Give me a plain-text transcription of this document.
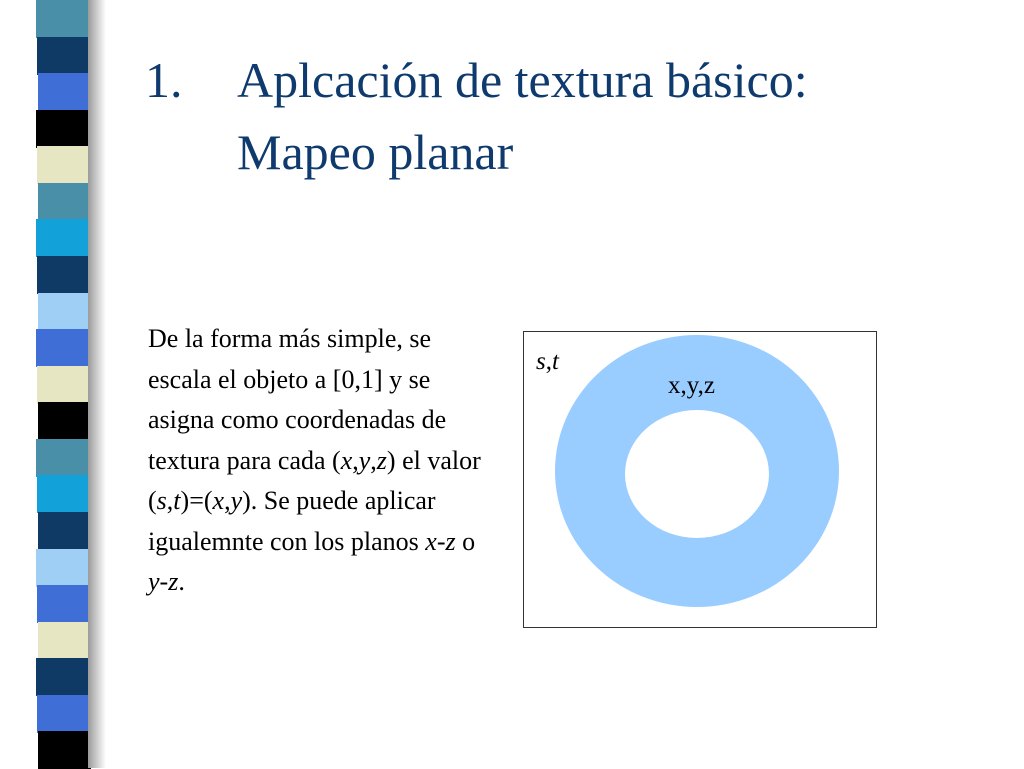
1. Aplcación de textura básico:
Mapeo planar
De la forma más simple, se escala el objeto a [0,1] y se asigna como coordenadas de textura para cada (x,y,z) el valor (s,t)=(x,y). Se puede aplicar igualemnte con los planos x-z o y-z.
s,t
x,y,z
